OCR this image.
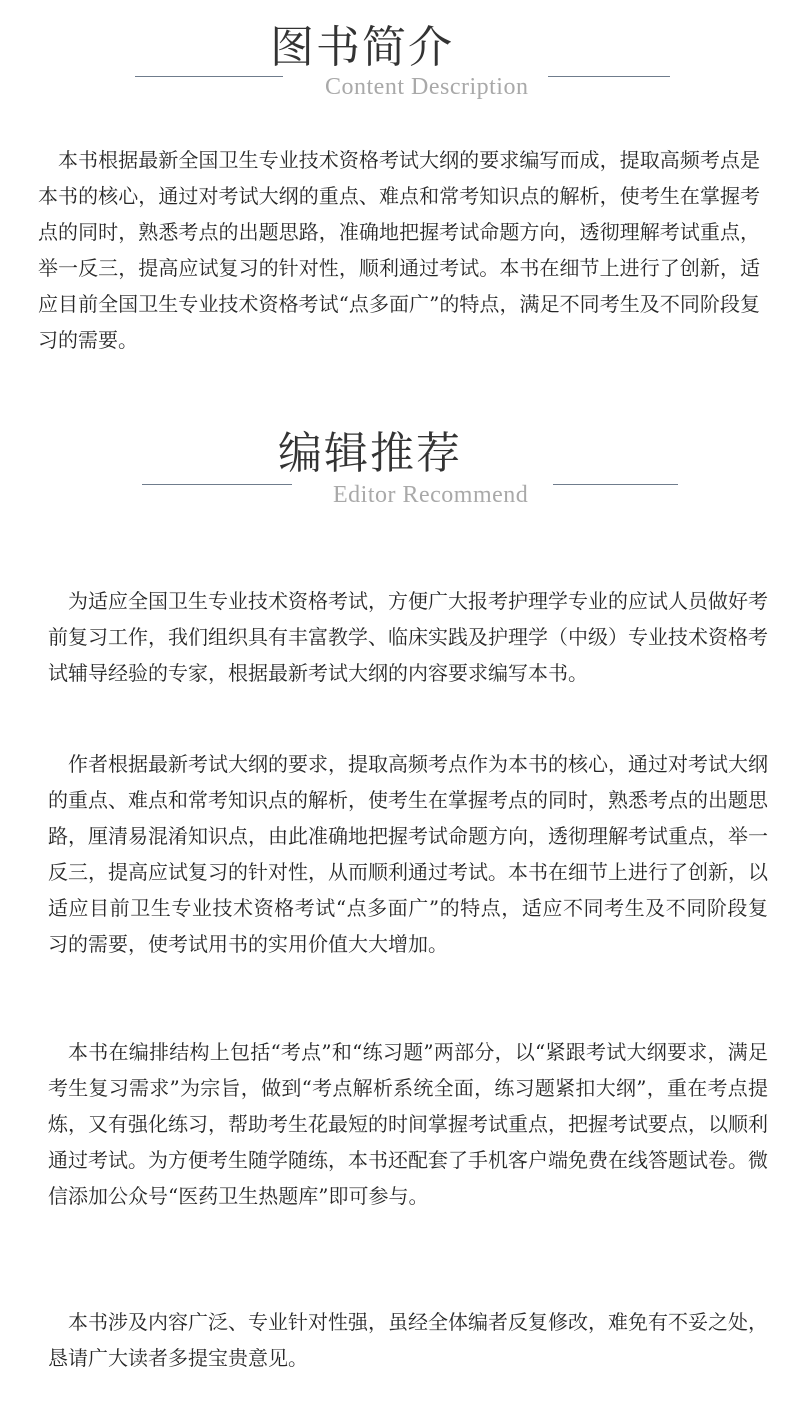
图书简介
Content Description

本书根据最新全国卫生专业技术资格考试大纲的要求编写而成，提取高频考点是本书的核心，通过对考试大纲的重点、难点和常考知识点的解析，使考生在掌握考点的同时，熟悉考点的出题思路，准确地把握考试命题方向，透彻理解考试重点，举一反三，提高应试复习的针对性，顺利通过考试。本书在细节上进行了创新，适应目前全国卫生专业技术资格考试“点多面广”的特点，满足不同考生及不同阶段复习的需要。

编辑推荐
Editor Recommend

为适应全国卫生专业技术资格考试，方便广大报考护理学专业的应试人员做好考前复习工作，我们组织具有丰富教学、临床实践及护理学（中级）专业技术资格考试辅导经验的专家，根据最新考试大纲的内容要求编写本书。

作者根据最新考试大纲的要求，提取高频考点作为本书的核心，通过对考试大纲的重点、难点和常考知识点的解析，使考生在掌握考点的同时，熟悉考点的出题思路，厘清易混淆知识点，由此准确地把握考试命题方向，透彻理解考试重点，举一反三，提高应试复习的针对性，从而顺利通过考试。本书在细节上进行了创新，以适应目前卫生专业技术资格考试“点多面广”的特点，适应不同考生及不同阶段复习的需要，使考试用书的实用价值大大增加。

本书在编排结构上包括“考点”和“练习题”两部分，以“紧跟考试大纲要求，满足考生复习需求”为宗旨，做到“考点解析系统全面，练习题紧扣大纲”，重在考点提炼，又有强化练习，帮助考生花最短的时间掌握考试重点，把握考试要点，以顺利通过考试。为方便考生随学随练，本书还配套了手机客户端免费在线答题试卷。微信添加公众号“医药卫生热题库”即可参与。

本书涉及内容广泛、专业针对性强，虽经全体编者反复修改，难免有不妥之处，恳请广大读者多提宝贵意见。
